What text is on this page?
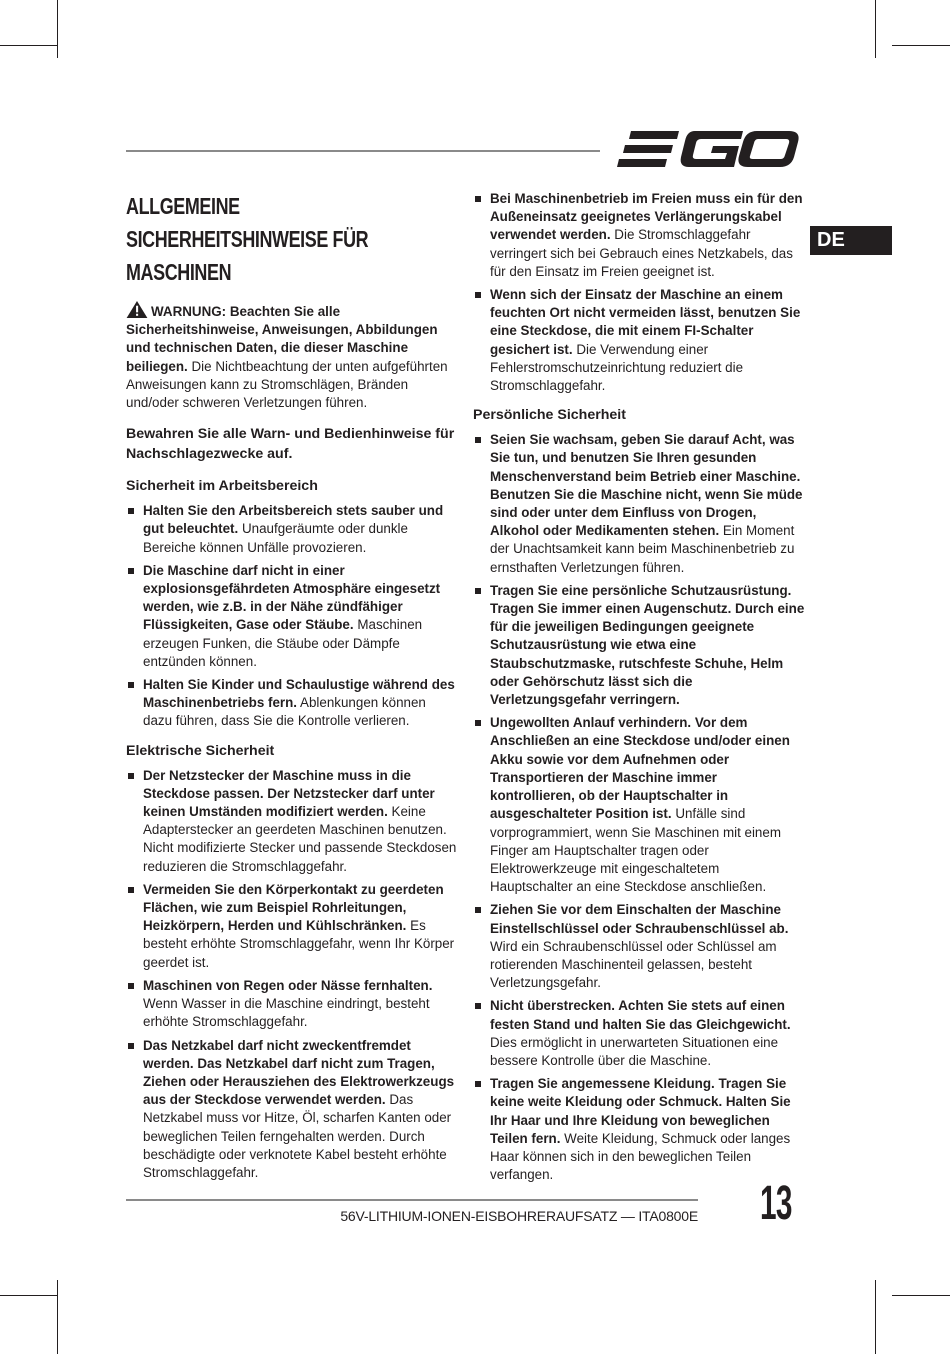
DE
ALLGEMEINE SICHERHEITSHINWEISE FÜR MASCHINEN

WARNUNG: Beachten Sie alle Sicherheitshinweise, Anweisungen, Abbildungen und technischen Daten, die dieser Maschine beiliegen. Die Nichtbeachtung der unten aufgeführten Anweisungen kann zu Stromschlägen, Bränden und/oder schweren Verletzungen führen.

Bewahren Sie alle Warn- und Bedienhinweise für Nachschlagezwecke auf.

Sicherheit im Arbeitsbereich
Halten Sie den Arbeitsbereich stets sauber und gut beleuchtet. Unaufgeräumte oder dunkle Bereiche können Unfälle provozieren.
Die Maschine darf nicht in einer explosionsgefährdeten Atmosphäre eingesetzt werden, wie z.B. in der Nähe zündfähiger Flüssigkeiten, Gase oder Stäube. Maschinen erzeugen Funken, die Stäube oder Dämpfe entzünden können.
Halten Sie Kinder und Schaulustige während des Maschinenbetriebs fern. Ablenkungen können dazu führen, dass Sie die Kontrolle verlieren.
Elektrische Sicherheit
Der Netzstecker der Maschine muss in die Steckdose passen. Der Netzstecker darf unter keinen Umständen modifiziert werden. Keine Adapterstecker an geerdeten Maschinen benutzen. Nicht modifizierte Stecker und passende Steckdosen reduzieren die Stromschlaggefahr.
Vermeiden Sie den Körperkontakt zu geerdeten Flächen, wie zum Beispiel Rohrleitungen, Heizkörpern, Herden und Kühlschränken. Es besteht erhöhte Stromschlaggefahr, wenn Ihr Körper geerdet ist.
Maschinen von Regen oder Nässe fernhalten. Wenn Wasser in die Maschine eindringt, besteht erhöhte Stromschlaggefahr.
Das Netzkabel darf nicht zweckentfremdet werden. Das Netzkabel darf nicht zum Tragen, Ziehen oder Herausziehen des Elektrowerkzeugs aus der Steckdose verwendet werden. Das Netzkabel muss vor Hitze, Öl, scharfen Kanten oder beweglichen Teilen ferngehalten werden. Durch beschädigte oder verknotete Kabel besteht erhöhte Stromschlaggefahr.
Bei Maschinenbetrieb im Freien muss ein für den Außeneinsatz geeignetes Verlängerungskabel verwendet werden. Die Stromschlaggefahr verringert sich bei Gebrauch eines Netzkabels, das für den Einsatz im Freien geeignet ist.
Wenn sich der Einsatz der Maschine an einem feuchten Ort nicht vermeiden lässt, benutzen Sie eine Steckdose, die mit einem FI-Schalter gesichert ist. Die Verwendung einer Fehlerstromschutzeinrichtung reduziert die Stromschlaggefahr.
Persönliche Sicherheit
Seien Sie wachsam, geben Sie darauf Acht, was Sie tun, und benutzen Sie Ihren gesunden Menschenverstand beim Betrieb einer Maschine. Benutzen Sie die Maschine nicht, wenn Sie müde sind oder unter dem Einfluss von Drogen, Alkohol oder Medikamenten stehen. Ein Moment der Unachtsamkeit kann beim Maschinenbetrieb zu ernsthaften Verletzungen führen.
Tragen Sie eine persönliche Schutzausrüstung. Tragen Sie immer einen Augenschutz. Durch eine für die jeweiligen Bedingungen geeignete Schutzausrüstung wie etwa eine Staubschutzmaske, rutschfeste Schuhe, Helm oder Gehörschutz lässt sich die Verletzungsgefahr verringern.
Ungewollten Anlauf verhindern. Vor dem Anschließen an eine Steckdose und/oder einen Akku sowie vor dem Aufnehmen oder Transportieren der Maschine immer kontrollieren, ob der Hauptschalter in ausgeschalteter Position ist. Unfälle sind vorprogrammiert, wenn Sie Maschinen mit einem Finger am Hauptschalter tragen oder Elektrowerkzeuge mit eingeschaltetem Hauptschalter an eine Steckdose anschließen.
Ziehen Sie vor dem Einschalten der Maschine Einstellschlüssel oder Schraubenschlüssel ab. Wird ein Schraubenschlüssel oder Schlüssel am rotierenden Maschinenteil gelassen, besteht Verletzungsgefahr.
Nicht überstrecken. Achten Sie stets auf einen festen Stand und halten Sie das Gleichgewicht. Dies ermöglicht in unerwarteten Situationen eine bessere Kontrolle über die Maschine.
Tragen Sie angemessene Kleidung. Tragen Sie keine weite Kleidung oder Schmuck. Halten Sie Ihr Haar und Ihre Kleidung von beweglichen Teilen fern. Weite Kleidung, Schmuck oder langes Haar können sich in den beweglichen Teilen verfangen.
56V-LITHIUM-IONEN-EISBOHRERAUFSATZ — ITA0800E 13
